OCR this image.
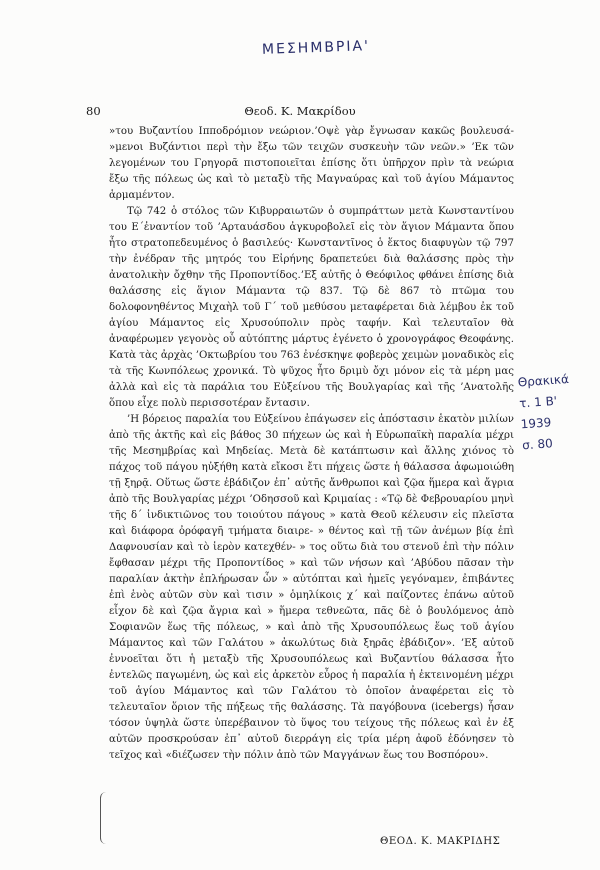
ΜΕΣΗΜΒΡΙΑ'
80	Θεοδ. Κ. Μακρίδου

»του Βυζαντίου Ιπποδρόμιον νεώριον.’Οψὲ γὰρ ἔγνωσαν κακῶς βουλευσά- »μενοι Βυζάντιοι περὶ τὴν ἔξω τῶν τειχῶν συσκευὴν τῶν νεῶν.» ’Εκ τῶν λεγομένων του Γρηγορᾶ πιστοποιεῖται ἐπίσης ὅτι ὑπῆρχον πρὶν τὰ νεώρια ἔξω τῆς πόλεως ὡς καὶ τὸ μεταξὺ τῆς Μαγναύρας καὶ τοῦ ἁγίου Μάμαντος ἁρμαμέντον.

Τῷ 742 ὁ στόλος τῶν Κιβυρραιωτῶν ὁ συμπράττων μετὰ Κωνσταντίνου του Ε΄ἐναντίον τοῦ ’Αρταυάσδου ἀγκυροβολεῖ εἰς τὸν ἅγιον Μάμαντα ὅπου ἦτο στρατοπεδευμένος ὁ βασιλεύς· Κωνσταντῖνος ὁ ἕκτος διαφυγὼν τῷ 797 τὴν ἐνέδραν τῆς μητρός του Εἰρήνης δραπετεύει διὰ θαλάσσης πρὸς τὴν ἀνατολικὴν ὄχθην τῆς Προποντίδος.’Εξ αὐτῆς ὁ Θεόφιλος φθάνει ἐπίσης διὰ θαλάσσης εἰς ἅγιον Μάμαντα τῷ 837. Τῷ δὲ 867 τὸ πτῶμα του δολοφονηθέντος Μιχαὴλ τοῦ Γ΄ τοῦ μεθύσου μεταφέρεται διὰ λέμβου ἐκ τοῦ ἁγίου Μάμαντος εἰς Χρυσούπολιν πρὸς ταφήν. Καὶ τελευταῖον θὰ ἀναφέρωμεν γεγονὸς οὗ αὐτόπτης μάρτυς ἐγένετο ὁ χρονογράφος Θεοφάνης. Κατὰ τὰς ἀρχὰς ’Οκτωβρίου του 763 ἐνέσκηψε φοβερὸς χειμὼν μοναδικὸς εἰς τὰ τῆς Κωνπόλεως χρονικά. Τὸ ψῦχος ἦτο δριμὺ ὄχι μόνον εἰς τὰ μέρη μας ἀλλὰ καὶ εἰς τὰ παράλια του Εὐξείνου τῆς Βουλγαρίας καὶ τῆς ’Ανατολῆς ὅπου εἶχε πολὺ περισσοτέραν ἔντασιν.

’Η βόρειος παραλία του Εὐξείνου ἐπάγωσεν εἰς ἀπόστασιν ἑκατὸν μιλίων ἀπὸ τῆς ἀκτῆς καὶ εἰς βάθος 30 πήχεων ὡς καὶ ἡ Εὐρωπαϊκὴ παραλία μέχρι τῆς Μεσημβρίας καὶ Μηδείας. Μετὰ δὲ κατάπτωσιν καὶ ἄλλης χιόνος τὸ πάχος τοῦ πάγου ηὐξήθη κατὰ εἴκοσι ἔτι πήχεις ὥστε ἡ θάλασσα ἀφωμοιώθη τῇ ξηρᾷ. Οὕτως ὥστε ἐβάδιζον ἐπ᾽ αὐτῆς ἄνθρωποι καὶ ζῷα ἥμερα καὶ ἄγρια ἀπὸ τῆς Βουλγαρίας μέχρι ’Οδησσοῦ καὶ Κριμαίας : «Τῷ δὲ Φεβρουαρίου μηνὶ τῆς δ΄ ἰνδικτιῶνος του τοιούτου πάγους » κατὰ Θεοῦ κέλευσιν εἰς πλεῖστα καὶ διάφορα ὀρόφαγῆ τμήματα διαιρε- » θέντος καὶ τῇ τῶν ἀνέμων βίᾳ ἐπὶ Δαφνουσίαν καὶ τὸ ἱερὸν κατεχθέν- » τος οὕτω διὰ του στενοῦ ἐπὶ τὴν πόλιν ἔφθασαν μέχρι τῆς Προποντίδος » καὶ τῶν νήσων καὶ ’Αβύδου πᾶσαν τὴν παραλίαν ἀκτὴν ἐπλήρωσαν ὧν » αὐτόπται καὶ ἡμεῖς γεγόναμεν, ἐπιβάντες ἐπὶ ἑνὸς αὐτῶν σὺν καὶ τισιν » ὁμηλίκοις χ΄ καὶ παίζοντες ἐπάνω αὐτοῦ εἶχον δὲ καὶ ζῷα ἄγρια καὶ » ἥμερα τεθνεῶτα, πᾶς δὲ ὁ βουλόμενος ἀπὸ Σοφιανῶν ἕως τῆς πόλεως, » καὶ ἀπὸ τῆς Χρυσουπόλεως ἕως τοῦ ἁγίου Μάμαντος καὶ τῶν Γαλάτου » ἀκωλύτως διὰ ξηρᾶς ἐβάδιζον». ’Εξ αὐτοῦ ἐννοεῖται ὅτι ἡ μεταξὺ τῆς Χρυσουπόλεως καὶ Βυζαντίου θάλασσα ἦτο ἐντελῶς παγωμένη, ὡς καὶ εἰς ἀρκετὸν εὖρος ἡ παραλία ἡ ἐκτεινομένη μέχρι τοῦ ἁγίου Μάμαντος καὶ τῶν Γαλάτου τὸ ὁποῖον ἀναφέρεται εἰς τὸ τελευταῖον ὅριον τῆς πήξεως τῆς θαλάσσης. Τὰ παγόβουνα (icebergs) ἦσαν τόσον ὑψηλὰ ὥστε ὑπερέβαινον τὸ ὕψος του τείχους τῆς πόλεως καὶ ἐν ἐξ αὐτῶν προσκρούσαν ἐπ᾽ αὐτοῦ διερράγη εἰς τρία μέρη ἀφοῦ ἐδόνησεν τὸ τεῖχος καὶ «διέζωσεν τὴν πόλιν ἀπὸ τῶν Μαγγάνων ἕως του Βοσπόρου».

Θρακικά
τ. 1 Β'
1939
σ. 80
ΘΕΟΔ. Κ. ΜΑΚΡΙΔΗΣ
